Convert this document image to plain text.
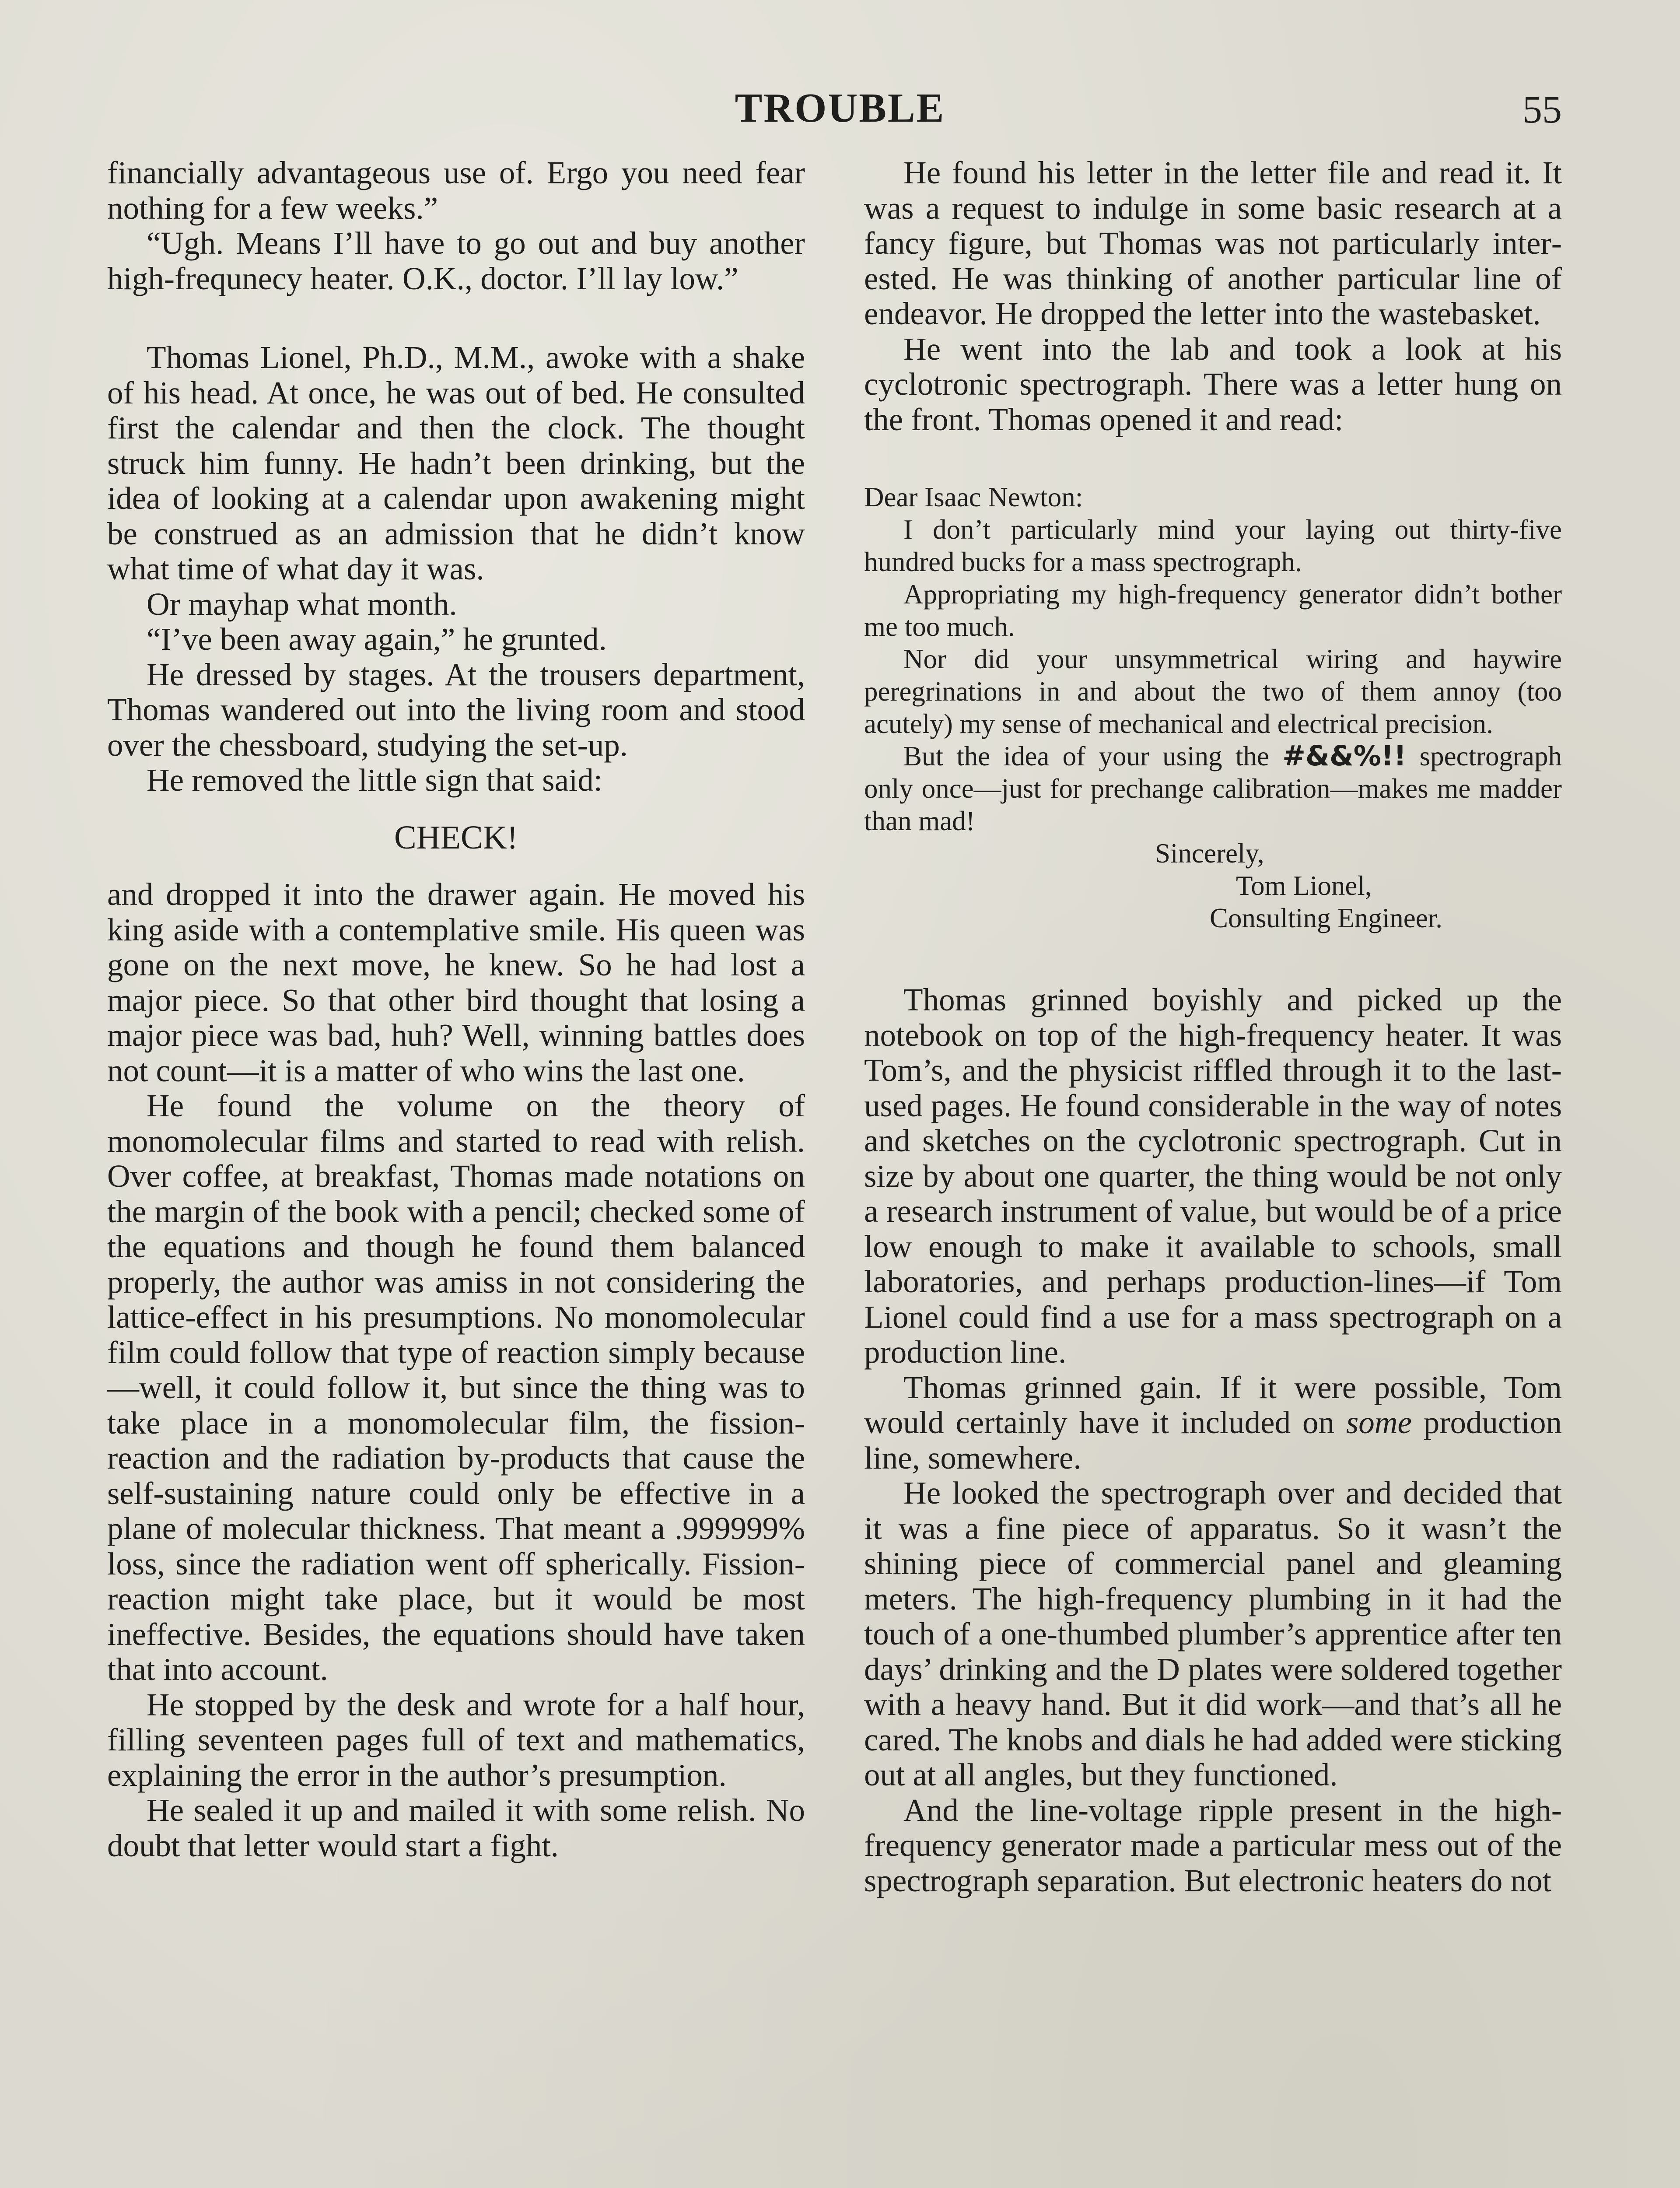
TROUBLE	55

financially advantageous use of. Ergo you need fear nothing for a few weeks.”

“Ugh. Means I’ll have to go out and buy another high-frequnecy heater. O.K., doctor. I’ll lay low.”

Thomas Lionel, Ph.D., M.M., awoke with a shake of his head. At once, he was out of bed. He consulted first the calendar and then the clock. The thought struck him funny. He hadn’t been drinking, but the idea of looking at a calendar upon awakening might be construed as an admission that he didn’t know what time of what day it was.

Or mayhap what month.

“I’ve been away again,” he grunted.

He dressed by stages. At the trousers department, Thomas wandered out into the living room and stood over the chessboard, studying the set-up.

He removed the little sign that said:

CHECK!

and dropped it into the drawer again. He moved his king aside with a contemplative smile. His queen was gone on the next move, he knew. So he had lost a major piece. So that other bird thought that losing a major piece was bad, huh? Well, winning battles does not count—it is a matter of who wins the last one.

He found the volume on the theory of monomolecular films and started to read with relish. Over coffee, at breakfast, Thomas made notations on the margin of the book with a pencil; checked some of the equations and though he found them balanced properly, the author was amiss in not considering the lattice-effect in his presumptions. No monomolecular film could follow that type of reaction simply because—well, it could follow it, but since the thing was to take place in a monomolecular film, the fission-reaction and the radiation by-products that cause the self-sustaining nature could only be effective in a plane of molecular thickness. That meant a .999999% loss, since the radiation went off spherically. Fission-reaction might take place, but it would be most ineffective. Besides, the equations should have taken that into account.

He stopped by the desk and wrote for a half hour, filling seventeen pages full of text and mathematics, explaining the error in the author’s presumption.

He sealed it up and mailed it with some relish. No doubt that letter would start a fight.

He found his letter in the letter file and read it. It was a request to indulge in some basic research at a fancy figure, but Thomas was not particularly interested. He was thinking of another particular line of endeavor. He dropped the letter into the wastebasket.

He went into the lab and took a look at his cyclotronic spectrograph. There was a letter hung on the front. Thomas opened it and read:

Dear Isaac Newton:

I don’t particularly mind your laying out thirty-five hundred bucks for a mass spectrograph.

Appropriating my high-frequency generator didn’t bother me too much.

Nor did your unsymmetrical wiring and haywire peregrinations in and about the two of them annoy (too acutely) my sense of mechanical and electrical precision.

But the idea of your using the #&&%!! spectrograph only once—just for prechange calibration—makes me madder than mad!

Sincerely,

Tom Lionel,

Consulting Engineer.

Thomas grinned boyishly and picked up the notebook on top of the high-frequency heater. It was Tom’s, and the physicist riffled through it to the last-used pages. He found considerable in the way of notes and sketches on the cyclotronic spectrograph. Cut in size by about one quarter, the thing would be not only a research instrument of value, but would be of a price low enough to make it available to schools, small laboratories, and perhaps production-lines—if Tom Lionel could find a use for a mass spectrograph on a production line.

Thomas grinned gain. If it were possible, Tom would certainly have it included on some production line, somewhere.

He looked the spectrograph over and decided that it was a fine piece of apparatus. So it wasn’t the shining piece of commercial panel and gleaming meters. The high-frequency plumbing in it had the touch of a one-thumbed plumber’s apprentice after ten days’ drinking and the D plates were soldered together with a heavy hand. But it did work—and that’s all he cared. The knobs and dials he had added were sticking out at all angles, but they functioned.

And the line-voltage ripple present in the high-frequency generator made a particular mess out of the spectrograph separation. But electronic heaters do not
